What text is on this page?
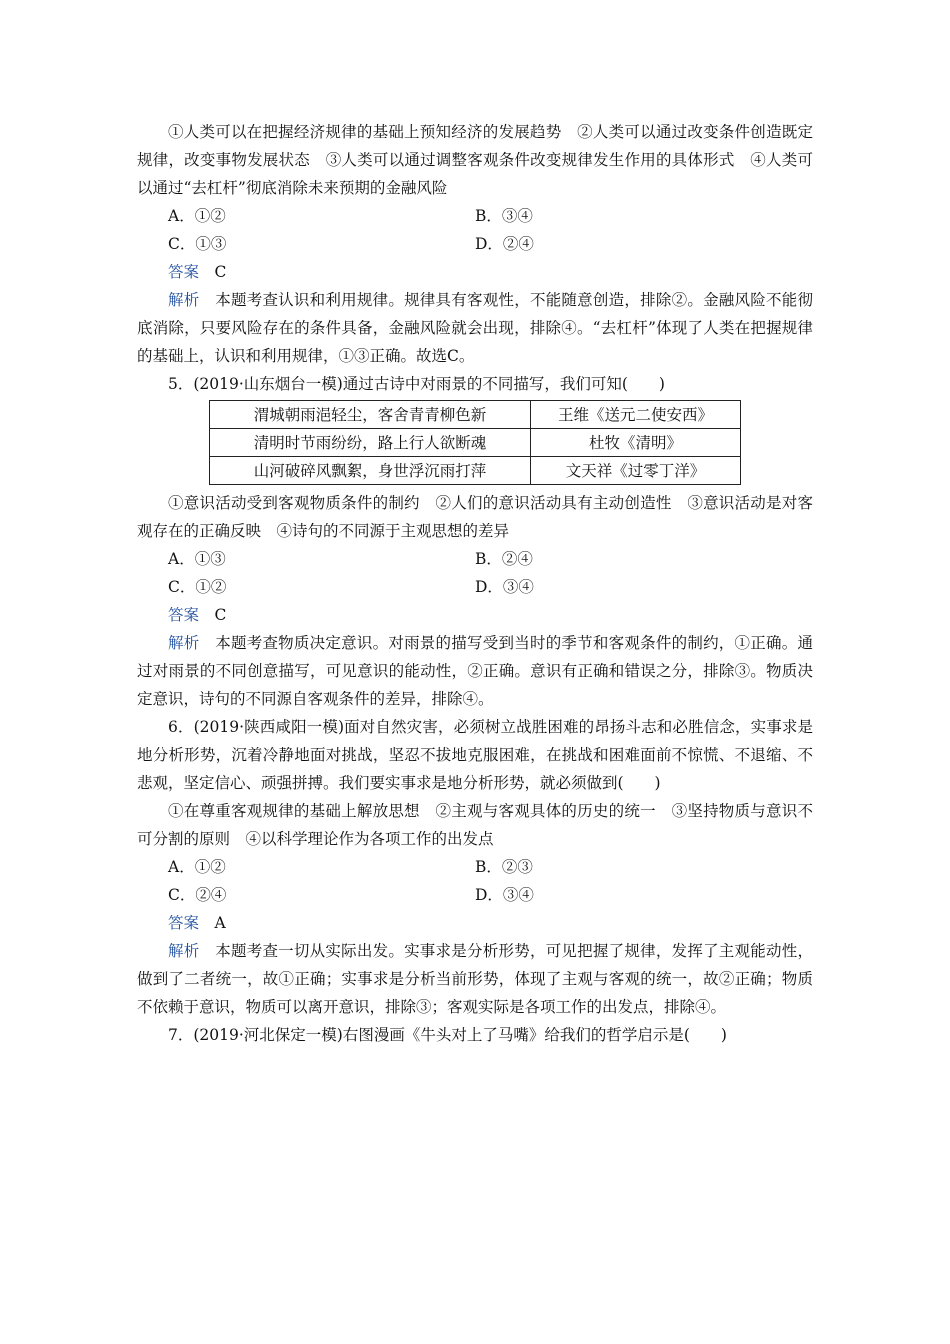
①人类可以在把握经济规律的基础上预知经济的发展趋势　②人类可以通过改变条件创造既定规律，改变事物发展状态　③人类可以通过调整客观条件改变规律发生作用的具体形式　④人类可以通过“去杠杆”彻底消除未来预期的金融风险

A．①②	B．③④
C．①③	D．②④

答案　 C

解析　 本题考查认识和利用规律。规律具有客观性，不能随意创造，排除②。金融风险不能彻底消除，只要风险存在的条件具备，金融风险就会出现，排除④。“去杠杆”体现了人类在把握规律的基础上，认识和利用规律，①③正确。故选C。

5．(2019·山东烟台一模)通过古诗中对雨景的不同描写，我们可知(　　)

渭城朝雨浥轻尘，客舍青青柳色新	王维《送元二使安西》
清明时节雨纷纷，路上行人欲断魂	杜牧《清明》
山河破碎风飘絮，身世浮沉雨打萍	文天祥《过零丁洋》

①意识活动受到客观物质条件的制约　②人们的意识活动具有主动创造性　③意识活动是对客观存在的正确反映　④诗句的不同源于主观思想的差异

A．①③	B．②④
C．①②	D．③④

答案　 C

解析　 本题考查物质决定意识。对雨景的描写受到当时的季节和客观条件的制约，①正确。通过对雨景的不同创意描写，可见意识的能动性，②正确。意识有正确和错误之分，排除③。物质决定意识，诗句的不同源自客观条件的差异，排除④。

6．(2019·陕西咸阳一模)面对自然灾害，必须树立战胜困难的昂扬斗志和必胜信念，实事求是地分析形势，沉着冷静地面对挑战，坚忍不拔地克服困难，在挑战和困难面前不惊慌、不退缩、不悲观，坚定信心、顽强拼搏。我们要实事求是地分析形势，就必须做到(　　)

①在尊重客观规律的基础上解放思想　②主观与客观具体的历史的统一　③坚持物质与意识不可分割的原则　④以科学理论作为各项工作的出发点

A．①②	B．②③
C．②④	D．③④

答案　 A

解析　 本题考查一切从实际出发。实事求是分析形势，可见把握了规律，发挥了主观能动性，做到了二者统一，故①正确；实事求是分析当前形势，体现了主观与客观的统一，故②正确；物质不依赖于意识，物质可以离开意识，排除③；客观实际是各项工作的出发点，排除④。

7．(2019·河北保定一模)右图漫画《牛头对上了马嘴》给我们的哲学启示是(　　)
